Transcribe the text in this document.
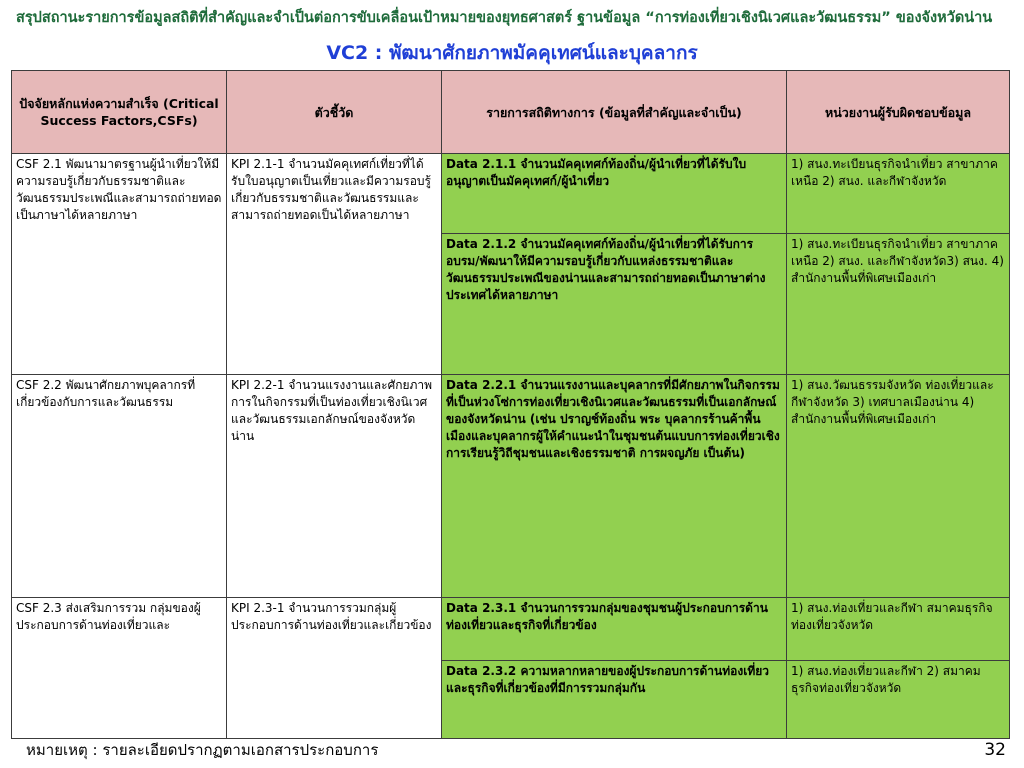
สรุปสถานะรายการข้อมูลสถิติที่สำคัญและจำเป็นต่อการขับเคลื่อนเป้าหมายของยุทธศาสตร์ ฐานข้อมูล “การท่องเที่ยวเชิงนิเวศและวัฒนธรรม” ของจังหวัดน่าน
VC2 : พัฒนาศักยภาพมัคคุเทศน์และบุคลากร
ปัจจัยหลักแห่งความสำเร็จ (Critical Success Factors,CSFs)	ตัวชี้วัด	รายการสถิติทางการ (ข้อมูลที่สำคัญและจำเป็น)	หน่วยงานผู้รับผิดชอบข้อมูล
CSF 2.1 พัฒนามาตรฐานผู้นำเที่ยวให้มีความรอบรู้เกี่ยวกับธรรมชาติและวัฒนธรรมประเพณีและสามารถถ่ายทอดเป็นภาษาได้หลายภาษา	KPI 2.1-1 จำนวนมัคคุเทศก์เที่ยวที่ได้รับใบอนุญาตเป็นเที่ยวและมีความรอบรู้เกี่ยวกับธรรมชาติและวัฒนธรรมและสามารถถ่ายทอดเป็นได้หลายภาษา	Data 2.1.1 จำนวนมัคคุเทศก์ท้องถิ่น/ผู้นำเที่ยวที่ได้รับใบอนุญาตเป็นมัคคุเทศก์/ผู้นำเที่ยว	1) สนง.ทะเบียนธุรกิจนำเที่ยว สาขาภาคเหนือ 2) สนง. และกีฬาจังหวัด
		Data 2.1.2 จำนวนมัคคุเทศก์ท้องถิ่น/ผู้นำเที่ยวที่ได้รับการอบรม/พัฒนาให้มีความรอบรู้เกี่ยวกับแหล่งธรรมชาติและวัฒนธรรมประเพณีของน่านและสามารถถ่ายทอดเป็นภาษาต่างประเทศได้หลายภาษา	1) สนง.ทะเบียนธุรกิจนำเที่ยว สาขาภาคเหนือ 2) สนง. และกีฬาจังหวัด3) สนง. 4) สำนักงานพื้นที่พิเศษเมืองเก่า
CSF 2.2 พัฒนาศักยภาพบุคลากรที่เกี่ยวข้องกับการและวัฒนธรรม	KPI 2.2-1 จำนวนแรงงานและศักยภาพการในกิจกรรมที่เป็นท่องเที่ยวเชิงนิเวศและวัฒนธรรมเอกลักษณ์ของจังหวัดน่าน	Data 2.2.1 จำนวนแรงงานและบุคลากรที่มีศักยภาพในกิจกรรมที่เป็นห่วงโซ่การท่องเที่ยวเชิงนิเวศและวัฒนธรรมที่เป็นเอกลักษณ์ของจังหวัดน่าน (เช่น ปราญช์ท้องถิ่น พระ บุคลากรร้านค้าพื้นเมืองและบุคลากรผู้ให้คำแนะนำในชุมชนต้นแบบการท่องเที่ยวเชิงการเรียนรู้วิถีชุมชนและเชิงธรรมชาติ การผจญภัย เป็นต้น)	1) สนง.วัฒนธรรมจังหวัด ท่องเที่ยวและกีฬาจังหวัด 3) เทศบาลเมืองน่าน 4) สำนักงานพื้นที่พิเศษเมืองเก่า
CSF 2.3 ส่งเสริมการรวม กลุ่มของผู้ประกอบการด้านท่องเที่ยวและ	KPI 2.3-1 จำนวนการรวมกลุ่มผู้ประกอบการด้านท่องเที่ยวและเกี่ยวข้อง	Data 2.3.1 จำนวนการรวมกลุ่มของชุมชนผู้ประกอบการด้านท่องเที่ยวและธุรกิจที่เกี่ยวข้อง	1) สนง.ท่องเที่ยวและกีฬา สมาคมธุรกิจท่องเที่ยวจังหวัด
		Data 2.3.2 ความหลากหลายของผู้ประกอบการด้านท่องเที่ยวและธุรกิจที่เกี่ยวข้องที่มีการรวมกลุ่มกัน	1) สนง.ท่องเที่ยวและกีฬา 2) สมาคมธุรกิจท่องเที่ยวจังหวัด
หมายเหตุ : รายละเอียดปรากฏตามเอกสารประกอบการ	32
